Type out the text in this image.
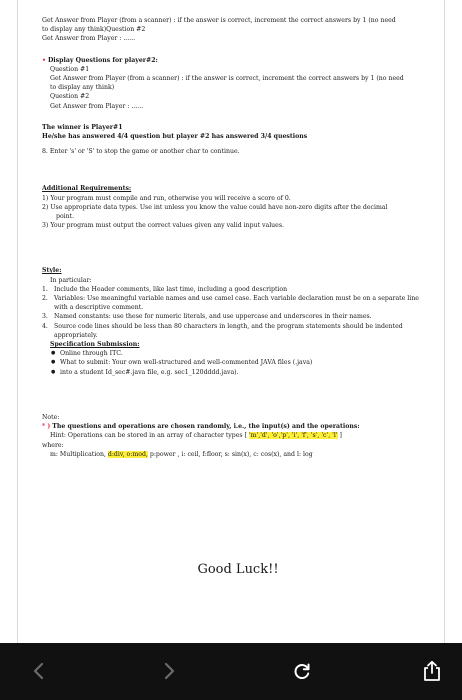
Get Answer from Player (from a scanner) : if the answer is correct, increment the correct answers by 1 (no need

to display any think)Question #2

Get Answer from Player : ......

• Display Questions for player#2:

Question #1

Get Answer from Player (from a scanner) : if the answer is correct, increment the correct answers by 1 (no need

to display any think)

Question #2

Get Answer from Player : ......

The winner is Player#1

He/she has answered 4/4 question but player #2 has answered 3/4 questions

8. Enter 's' or 'S' to stop the game or another char to continue.

Additional Requirements:

1) Your program must compile and run, otherwise you will receive a score of 0.

2) Use appropriate data types. Use int unless you know the value could have non-zero digits after the decimal

point.

3) Your program must output the correct values given any valid input values.

Style:

In particular:

1. Include the Header comments, like last time, including a good description
2. Variables: Use meaningful variable names and use camel case. Each variable declaration must be on a separate line with a descriptive comment.
3. Named constants: use these for numeric literals, and use uppercase and underscores in their names.
4. Source code lines should be less than 80 characters in length, and the program statements should be indented appropriately.

Specification Submission:

● Online through ITC.

● What to submit: Your own well-structured and well-commented JAVA files (.java)

● into a student Id_sec#.java file, e.g. sec1_120dddd.java).

Note:

* ) The questions and operations are chosen randomly, i.e., the input(s) and the operations:

Hint: Operations can be stored in an array of character types [ 'm','d', 'o','p', 'i', 'f', 's', 'c', 'l' ]

where:

m: Multiplication, d:div, o:mod, p:power , i: ceil, f:floor, s: sin(x), c: cos(x), and l: log

Good Luck!!
